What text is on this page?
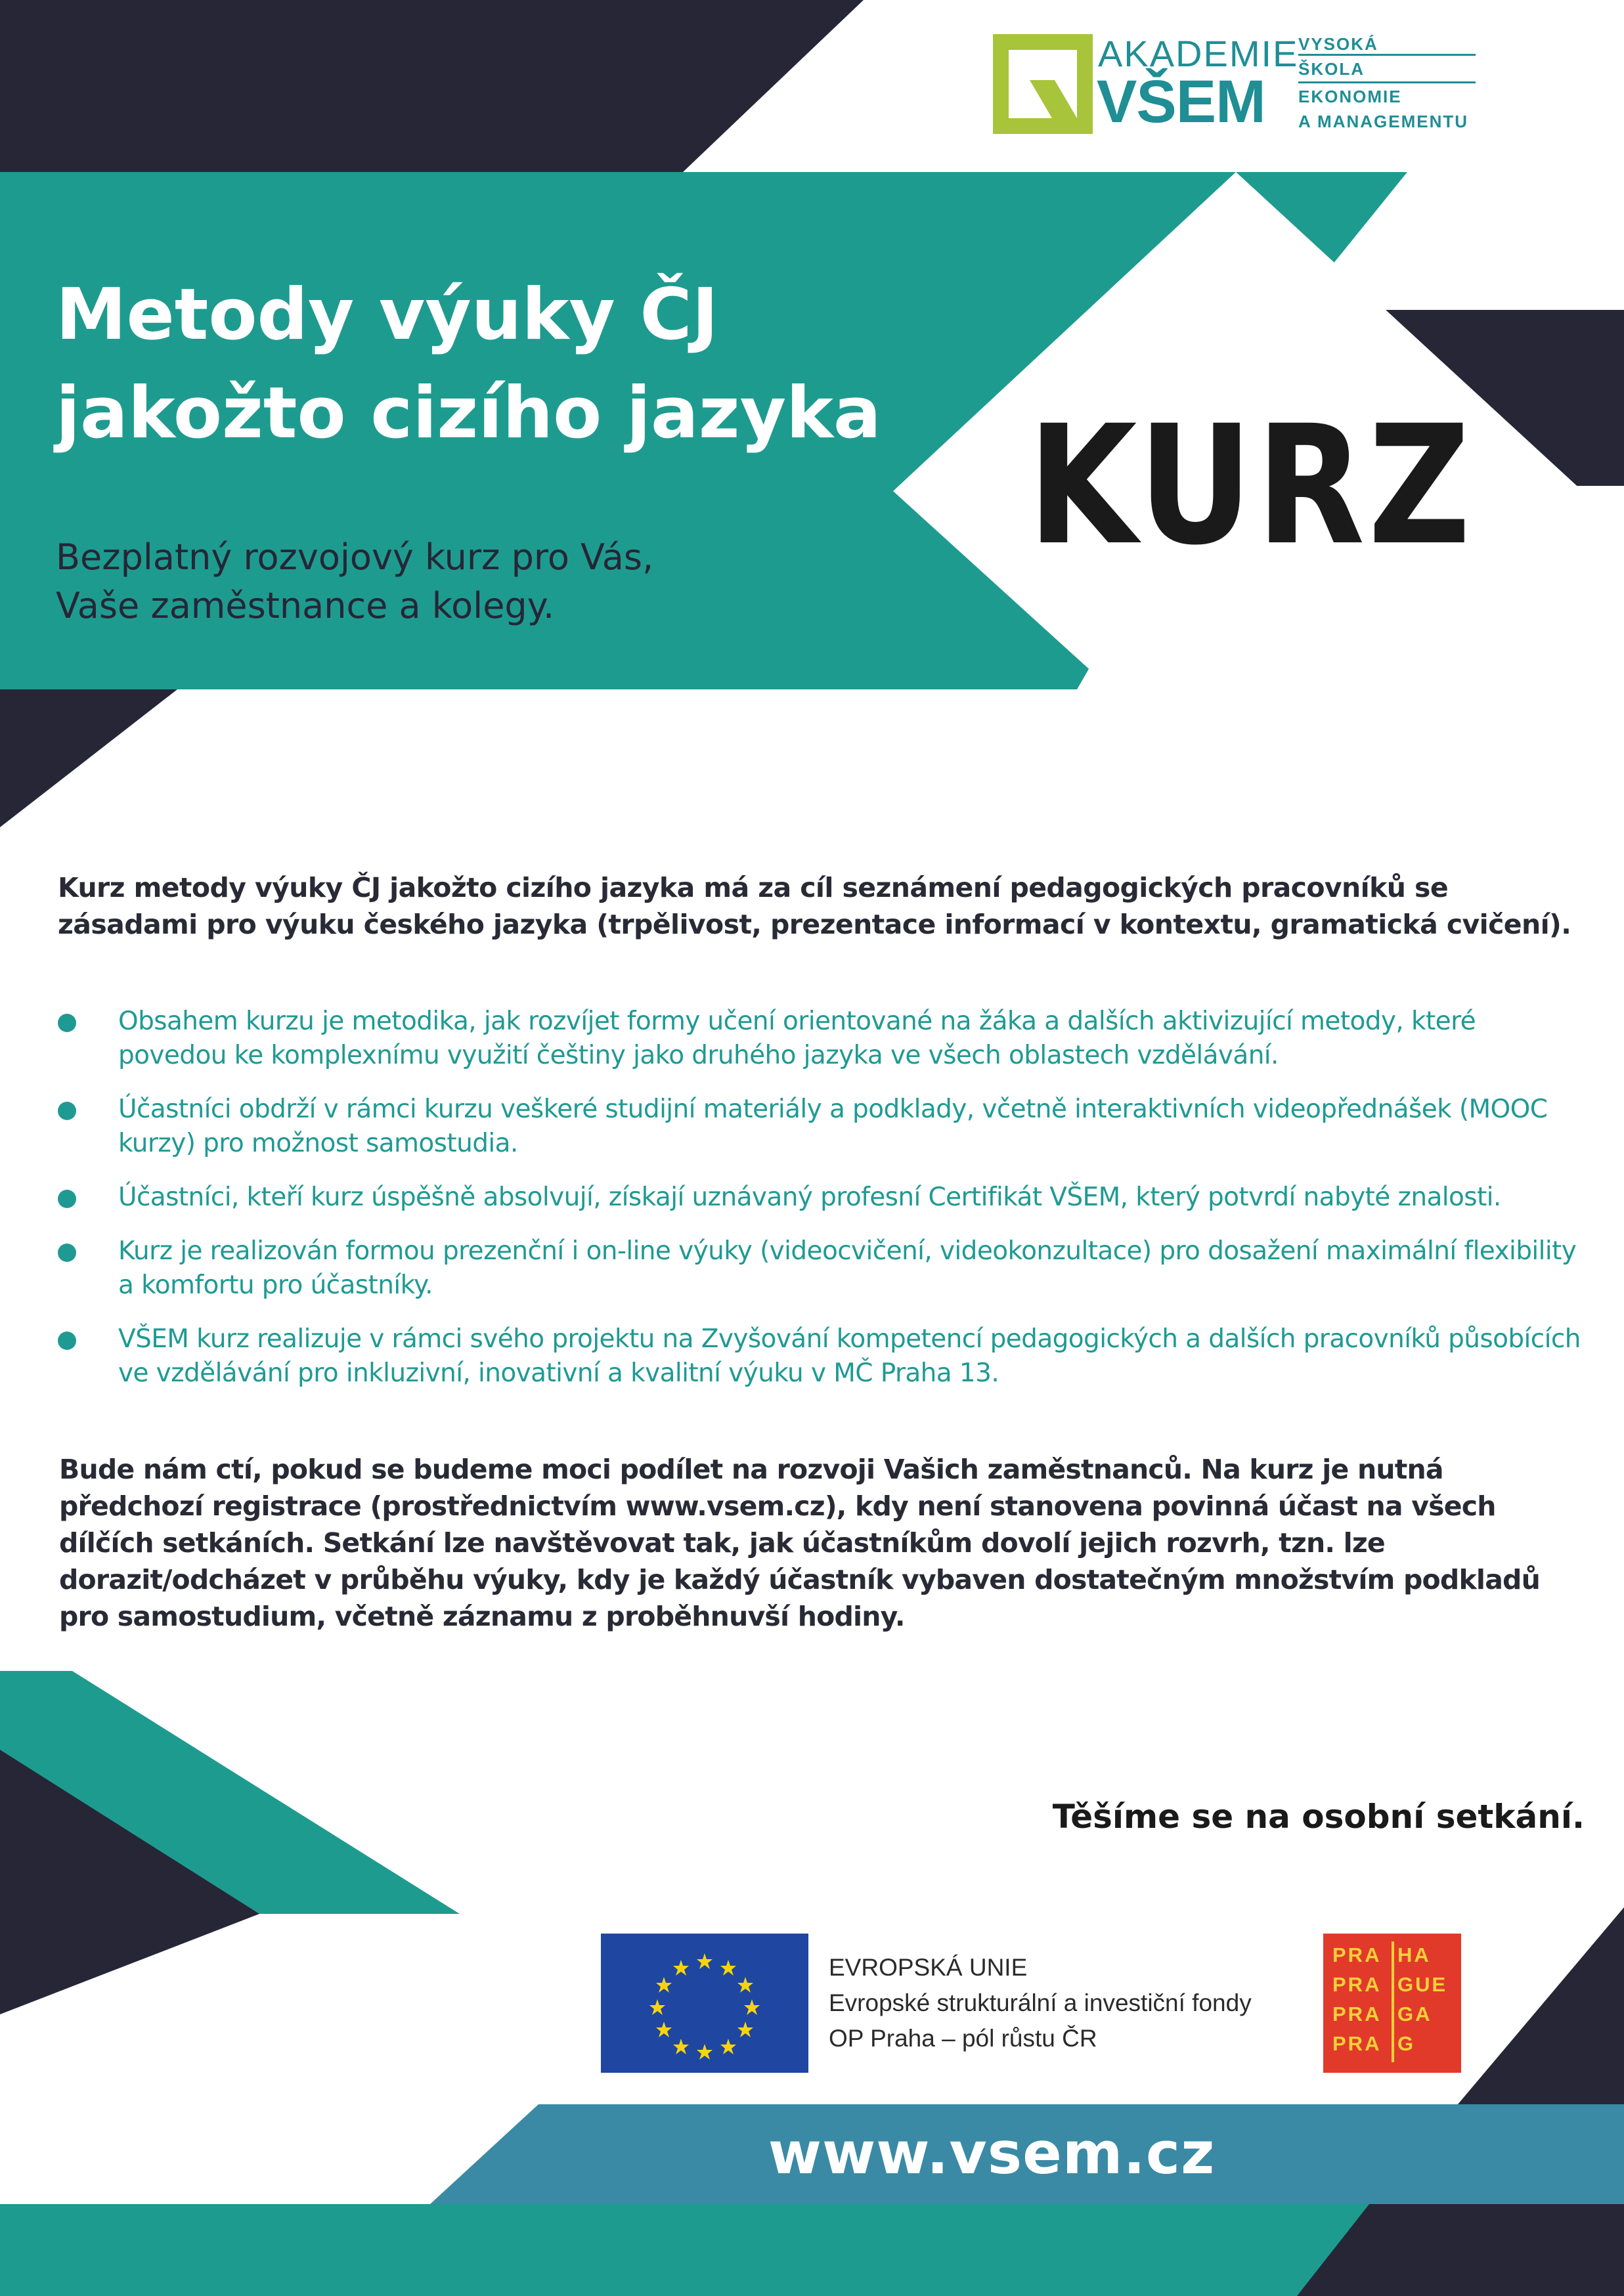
AKADEMIE
VŠEM
VYSOKÁ
ŠKOLA
EKONOMIE
A MANAGEMENTU
Metody výuky ČJ
jakožto cizího jazyka
Bezplatný rozvojový kurz pro Vás,
Vaše zaměstnance a kolegy.
KURZ
Kurz metody výuky ČJ jakožto cizího jazyka má za cíl seznámení pedagogických pracovníků se zásadami pro výuku českého jazyka (trpělivost, prezentace informací v kontextu, gramatická cvičení).
Obsahem kurzu je metodika, jak rozvíjet formy učení orientované na žáka a dalších aktivizující metody, které povedou ke komplexnímu využití češtiny jako druhého jazyka ve všech oblastech vzdělávání.
Účastníci obdrží v rámci kurzu veškeré studijní materiály a podklady, včetně interaktivních videopřednášek (MOOC kurzy) pro možnost samostudia.
Účastníci, kteří kurz úspěšně absolvují, získají uznávaný profesní Certifikát VŠEM, který potvrdí nabyté znalosti.
Kurz je realizován formou prezenční i on-line výuky (videocvičení, videokonzultace) pro dosažení maximální flexibility a komfortu pro účastníky.
VŠEM kurz realizuje v rámci svého projektu na Zvyšování kompetencí pedagogických a dalších pracovníků působících ve vzdělávání pro inkluzivní, inovativní a kvalitní výuku v MČ Praha 13.
Bude nám ctí, pokud se budeme moci podílet na rozvoji Vašich zaměstnanců. Na kurz je nutná předchozí registrace (prostřednictvím www.vsem.cz), kdy není stanovena povinná účast na všech dílčích setkáních. Setkání lze navštěvovat tak, jak účastníkům dovolí jejich rozvrh, tzn. lze dorazit/odcházet v průběhu výuky, kdy je každý účastník vybaven dostatečným množstvím podkladů pro samostudium, včetně záznamu z proběhnuvší hodiny.
Těšíme se na osobní setkání.
EVROPSKÁ UNIE
Evropské strukturální a investiční fondy
OP Praha – pól růstu ČR
PRA
PRA
PRA
PRA
HA
GUE
GA
G
www.vsem.cz
